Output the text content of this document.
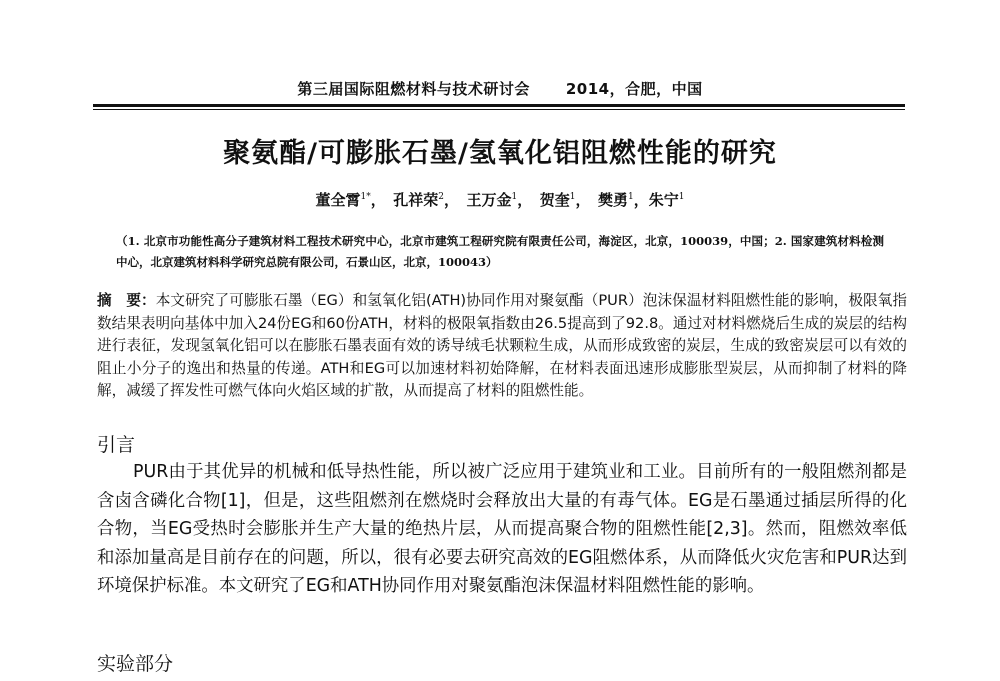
第三届国际阻燃材料与技术研讨会 2014，合肥，中国
聚氨酯/可膨胀石墨/氢氧化铝阻燃性能的研究
董全霄$^{1*}$，　孔祥荣$^2$，　王万金$^1$，　贺奎$^1$，　樊勇$^1$，朱宁$^1$
（1. 北京市功能性高分子建筑材料工程技术研究中心，北京市建筑工程研究院有限责任公司，海淀区，北京，100039，中国；2. 国家建筑材料检测中心，北京建筑材料科学研究总院有限公司，石景山区，北京，100043）
摘　要：本文研究了可膨胀石墨（EG）和氢氧化铝(ATH)协同作用对聚氨酯（PUR）泡沫保温材料阻燃性能的影响，极限氧指数结果表明向基体中加入24份EG和60份ATH，材料的极限氧指数由26.5提高到了92.8。通过对材料燃烧后生成的炭层的结构进行表征，发现氢氧化铝可以在膨胀石墨表面有效的诱导绒毛状颗粒生成，从而形成致密的炭层，生成的致密炭层可以有效的阻止小分子的逸出和热量的传递。ATH和EG可以加速材料初始降解，在材料表面迅速形成膨胀型炭层，从而抑制了材料的降解，减缓了挥发性可燃气体向火焰区域的扩散，从而提高了材料的阻燃性能。
引言
PUR由于其优异的机械和低导热性能，所以被广泛应用于建筑业和工业。目前所有的一般阻燃剂都是含卤含磷化合物[1]，但是，这些阻燃剂在燃烧时会释放出大量的有毒气体。EG是石墨通过插层所得的化合物，当EG受热时会膨胀并生产大量的绝热片层，从而提高聚合物的阻燃性能[2,3]。然而，阻燃效率低和添加量高是目前存在的问题，所以，很有必要去研究高效的EG阻燃体系，从而降低火灾危害和PUR达到环境保护标准。本文研究了EG和ATH协同作用对聚氨酯泡沫保温材料阻燃性能的影响。
实验部分
